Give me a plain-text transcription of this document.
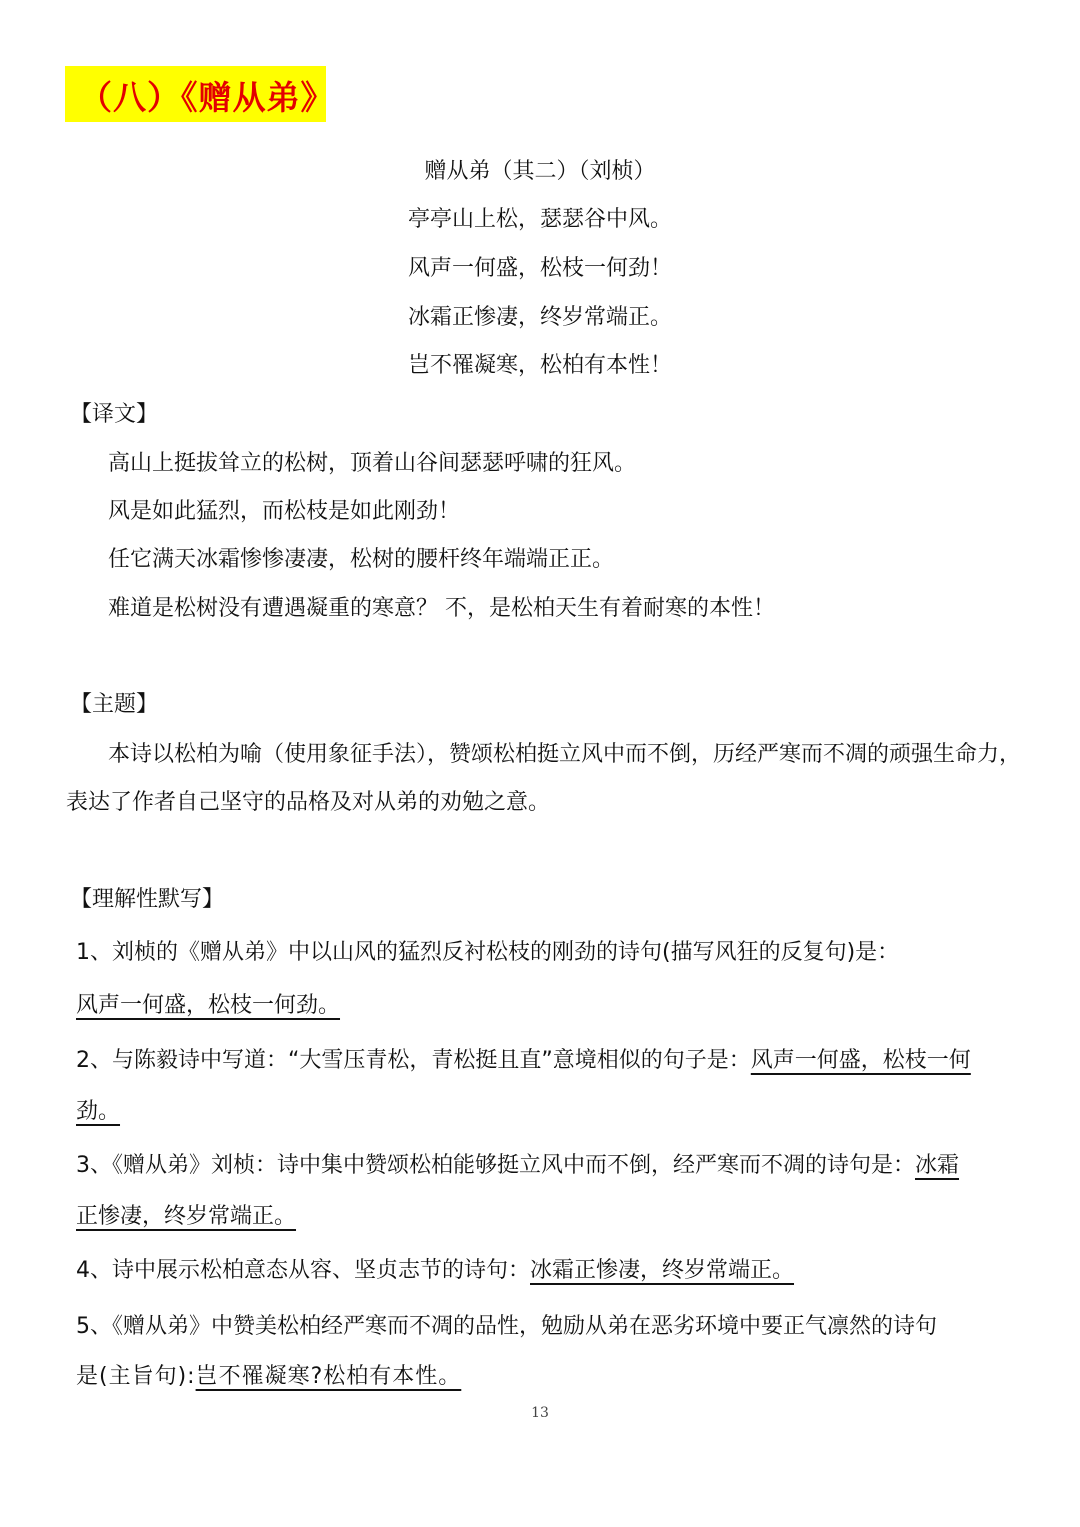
（八）《赠从弟》
赠从弟（其二）（刘桢）
亭亭山上松，瑟瑟谷中风。
风声一何盛，松枝一何劲！
冰霜正惨凄，终岁常端正。
岂不罹凝寒，松柏有本性！
【译文】
高山上挺拔耸立的松树，顶着山谷间瑟瑟呼啸的狂风。
风是如此猛烈，而松枝是如此刚劲！
任它满天冰霜惨惨凄凄，松树的腰杆终年端端正正。
难道是松树没有遭遇凝重的寒意？ 不，是松柏天生有着耐寒的本性！
【主题】
本诗以松柏为喻（使用象征手法），赞颂松柏挺立风中而不倒，历经严寒而不凋的顽强生命力，
表达了作者自己坚守的品格及对从弟的劝勉之意。
【理解性默写】
1、刘桢的《赠从弟》中以山风的猛烈反衬松枝的刚劲的诗句(描写风狂的反复句)是：
风声一何盛，松枝一何劲。
2、与陈毅诗中写道：“大雪压青松，青松挺且直”意境相似的句子是：风声一何盛，松枝一何
劲。
3、《赠从弟》刘桢：诗中集中赞颂松柏能够挺立风中而不倒，经严寒而不凋的诗句是：冰霜
正惨凄，终岁常端正。
4、诗中展示松柏意态从容、坚贞志节的诗句：冰霜正惨凄，终岁常端正。
5、《赠从弟》中赞美松柏经严寒而不凋的品性，勉励从弟在恶劣环境中要正气凛然的诗句
是(主旨句):岂不罹凝寒?松柏有本性。
13
